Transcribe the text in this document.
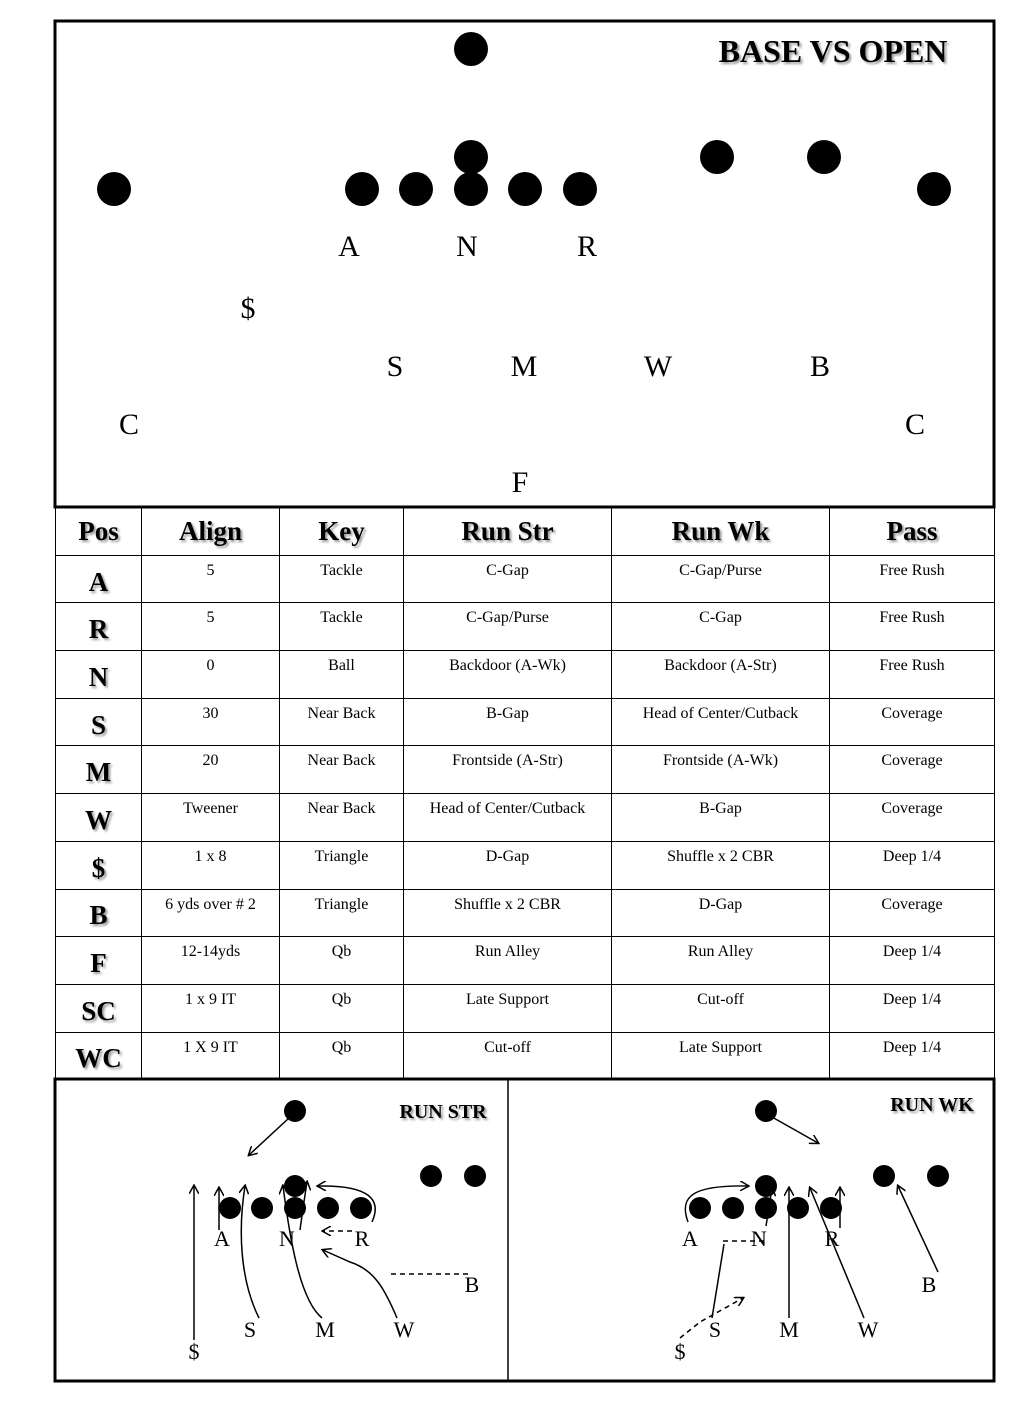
BASE VS OPEN
A	N	R
$
S	M	W	B
C	C
F
RUN STR
A N	R
B
S	M	W
$
RUN WK
A N	R
B
S	M	W
$
Pos	Align	Key	Run Str	Run Wk	Pass
A	5	Tackle	C-Gap	C-Gap/Purse	Free Rush
R	5	Tackle	C-Gap/Purse	C-Gap	Free Rush
N	0	Ball	Backdoor (A-Wk)	Backdoor (A-Str)	Free Rush
S	30	Near Back	B-Gap	Head of Center/Cutback	Coverage
M	20	Near Back	Frontside (A-Str)	Frontside (A-Wk)	Coverage
W	Tweener	Near Back	Head of Center/Cutback	B-Gap	Coverage
$	1 x 8	Triangle	D-Gap	Shuffle x 2 CBR	Deep 1/4
B	6 yds over # 2	Triangle	Shuffle x 2 CBR	D-Gap	Coverage
F	12-14yds	Qb	Run Alley	Run Alley	Deep 1/4
SC	1 x 9 IT	Qb	Late Support	Cut-off	Deep 1/4
WC	1 X 9 IT	Qb	Cut-off	Late Support	Deep 1/4
